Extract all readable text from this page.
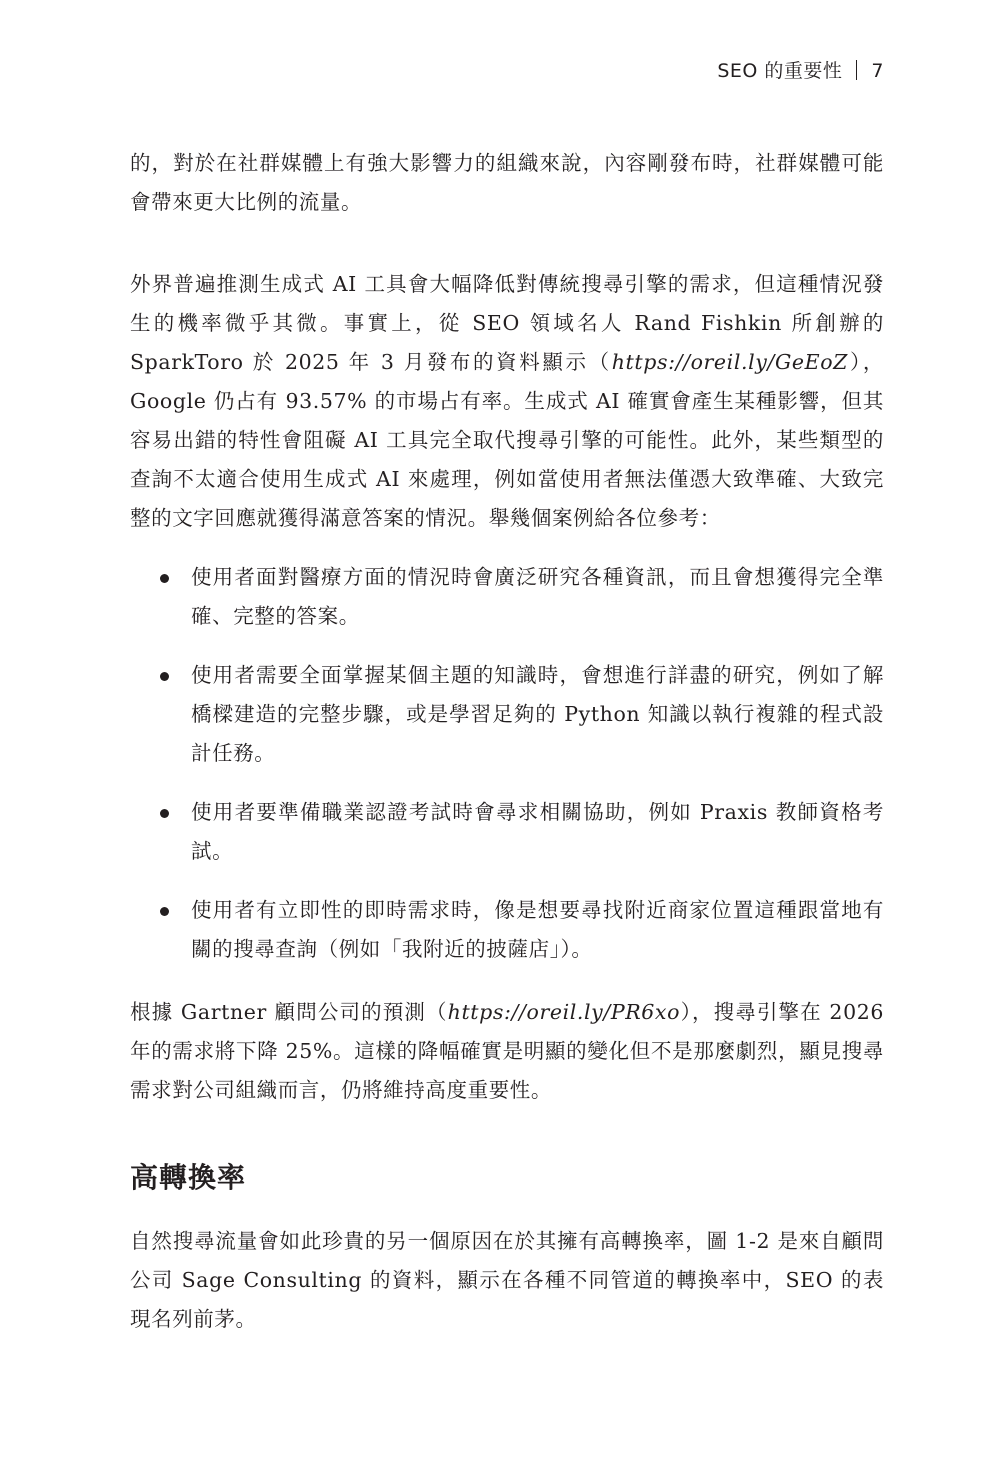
SEO 的重要性 7

的，對於在社群媒體上有強大影響力的組織來說，內容剛發布時，社群媒體可能會帶來更大比例的流量。

外界普遍推測生成式 AI 工具會大幅降低對傳統搜尋引擎的需求，但這種情況發生的機率微乎其微。事實上，從 SEO 領域名人 Rand Fishkin 所創辦的 SparkToro 於 2025 年 3 月發布的資料顯示（https://oreil.ly/GeEoZ），Google 仍占有 93.57% 的市場占有率。生成式 AI 確實會產生某種影響，但其容易出錯的特性會阻礙 AI 工具完全取代搜尋引擎的可能性。此外，某些類型的查詢不太適合使用生成式 AI 來處理，例如當使用者無法僅憑大致準確、大致完整的文字回應就獲得滿意答案的情況。舉幾個案例給各位參考：

使用者面對醫療方面的情況時會廣泛研究各種資訊，而且會想獲得完全準確、完整的答案。
使用者需要全面掌握某個主題的知識時，會想進行詳盡的研究，例如了解橋樑建造的完整步驟，或是學習足夠的 Python 知識以執行複雜的程式設計任務。
使用者要準備職業認證考試時會尋求相關協助，例如 Praxis 教師資格考試。
使用者有立即性的即時需求時，像是想要尋找附近商家位置這種跟當地有關的搜尋查詢（例如「我附近的披薩店」）。

根據 Gartner 顧問公司的預測（https://oreil.ly/PR6xo），搜尋引擎在 2026 年的需求將下降 25%。這樣的降幅確實是明顯的變化但不是那麼劇烈，顯見搜尋需求對公司組織而言，仍將維持高度重要性。

高轉換率

自然搜尋流量會如此珍貴的另一個原因在於其擁有高轉換率，圖 1-2 是來自顧問公司 Sage Consulting 的資料，顯示在各種不同管道的轉換率中，SEO 的表現名列前茅。
